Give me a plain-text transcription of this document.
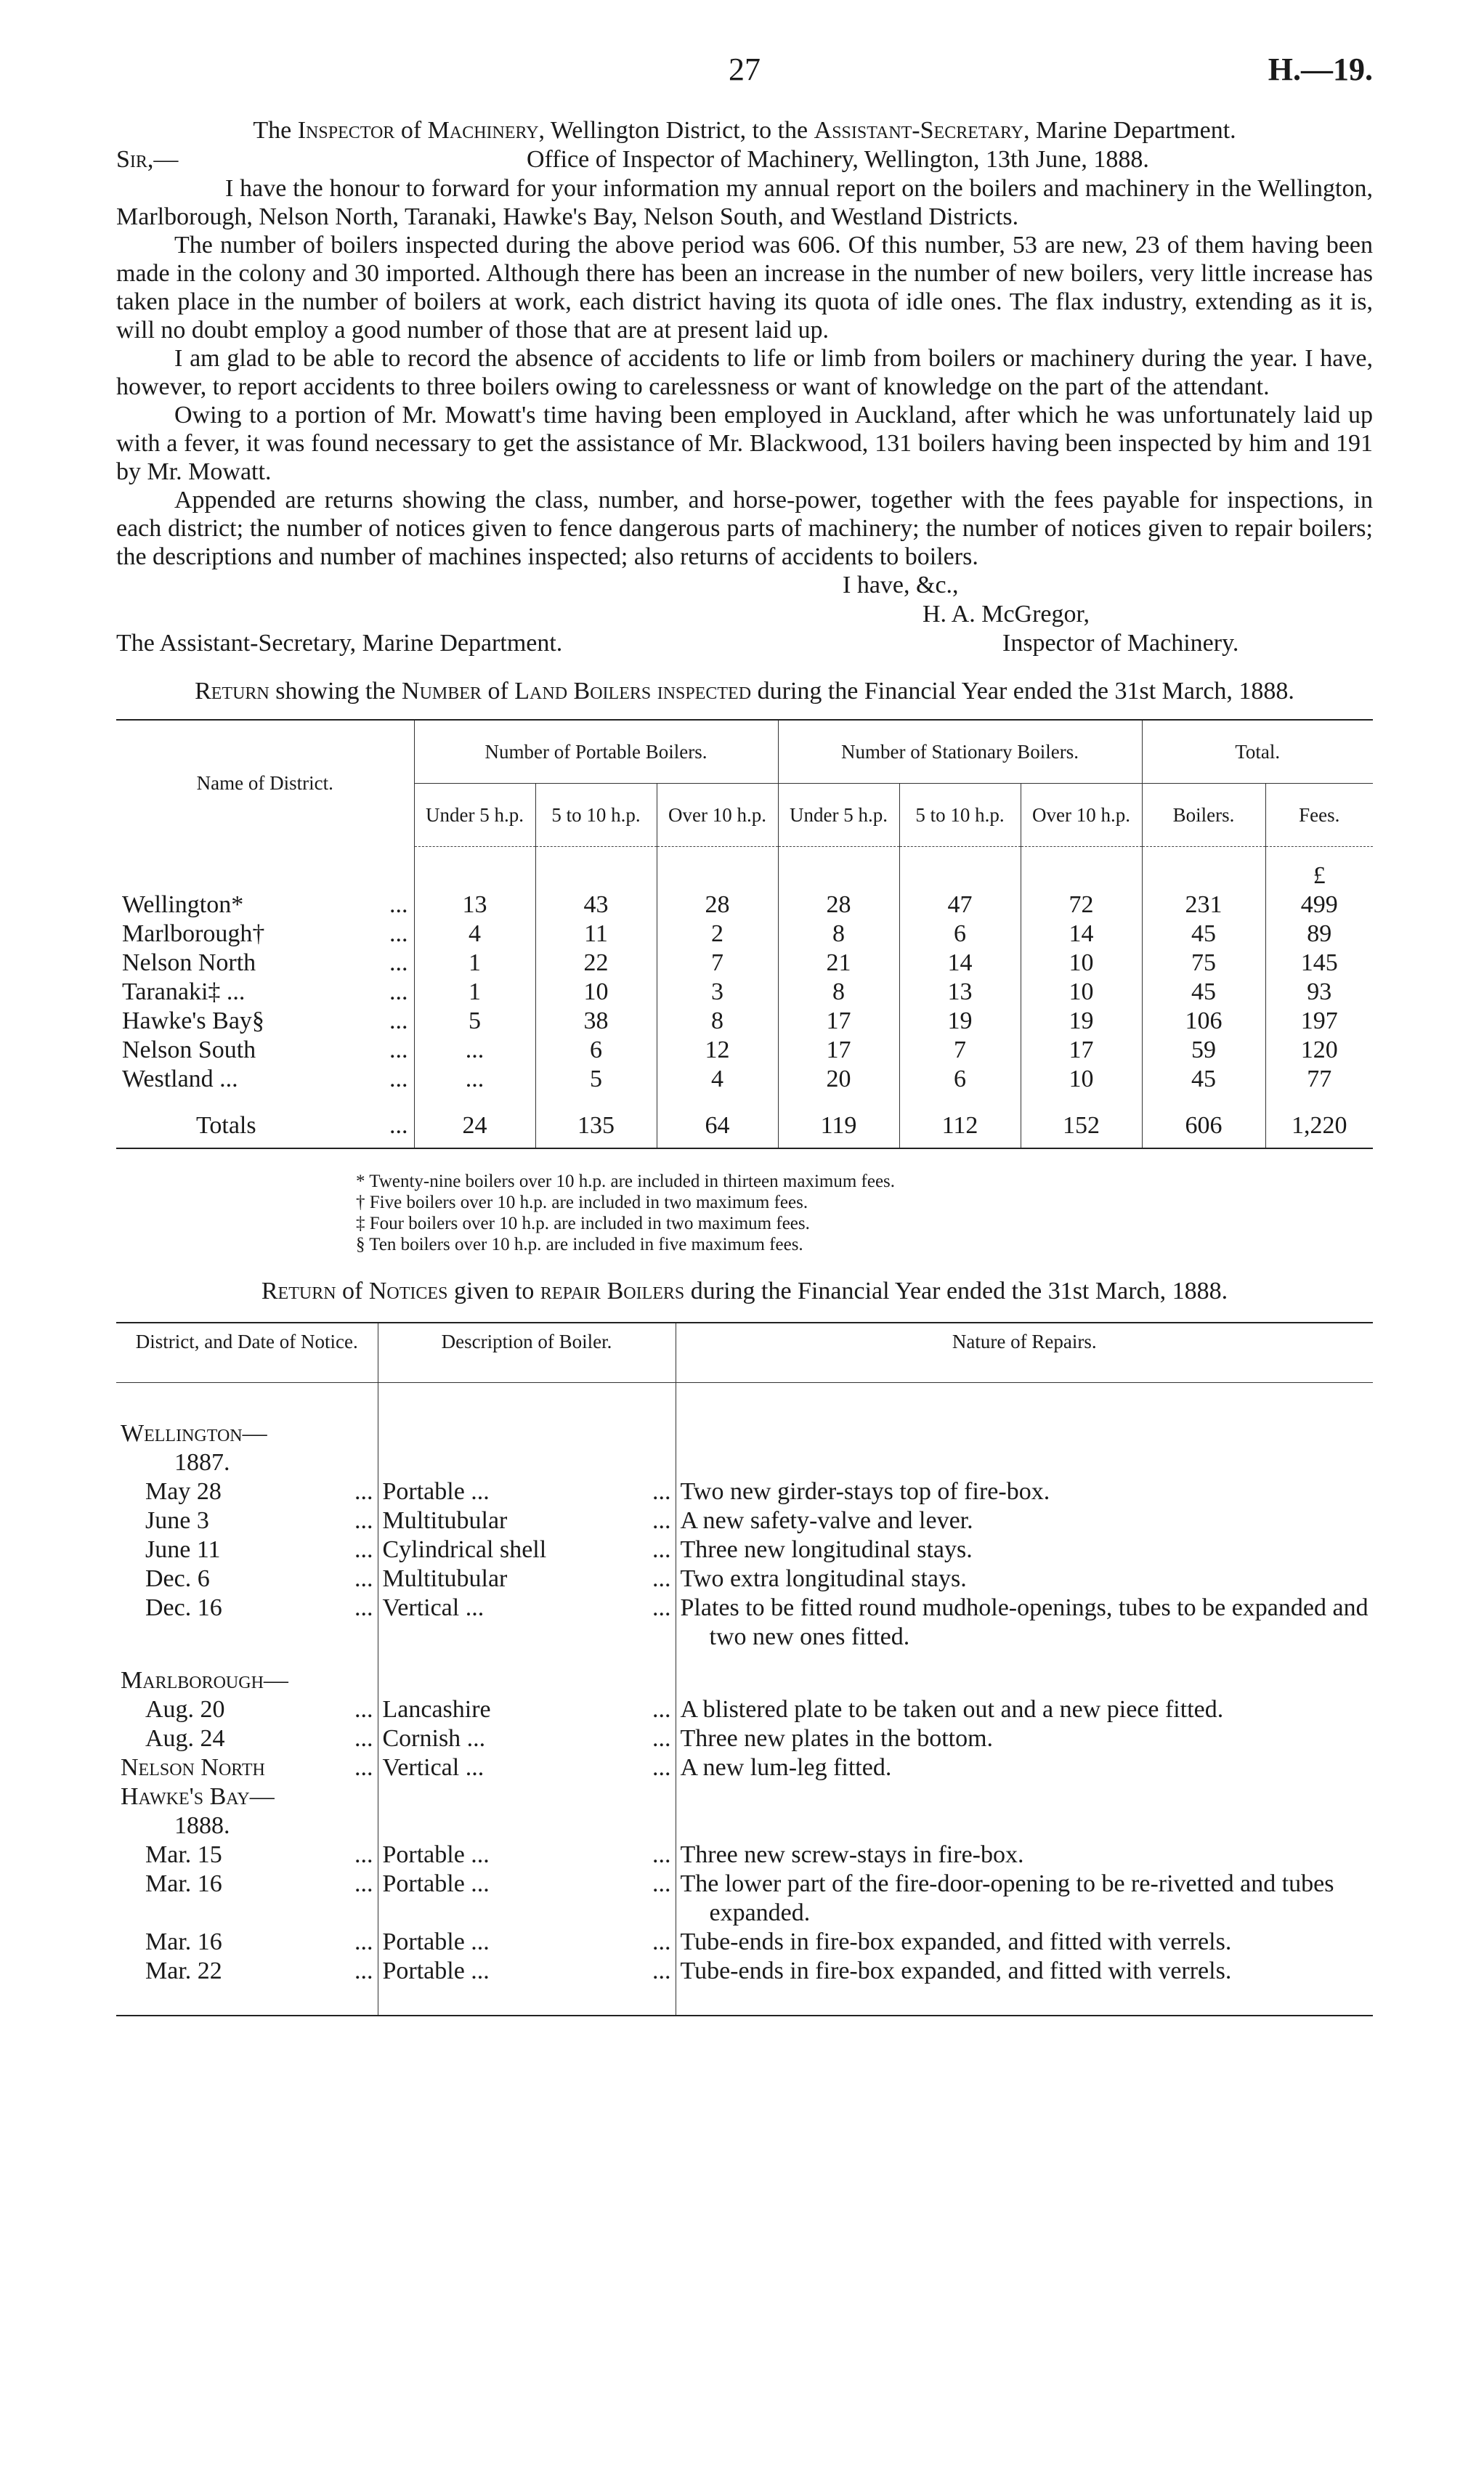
27	H.—19.
The Inspector of Machinery, Wellington District, to the Assistant-Secretary, Marine Department.
Sir,—	Office of Inspector of Machinery, Wellington, 13th June, 1888.

I have the honour to forward for your information my annual report on the boilers and machinery in the Wellington, Marlborough, Nelson North, Taranaki, Hawke's Bay, Nelson South, and Westland Districts.

The number of boilers inspected during the above period was 606. Of this number, 53 are new, 23 of them having been made in the colony and 30 imported. Although there has been an increase in the number of new boilers, very little increase has taken place in the number of boilers at work, each district having its quota of idle ones. The flax industry, extending as it is, will no doubt employ a good number of those that are at present laid up.

I am glad to be able to record the absence of accidents to life or limb from boilers or machinery during the year. I have, however, to report accidents to three boilers owing to carelessness or want of knowledge on the part of the attendant.

Owing to a portion of Mr. Mowatt's time having been employed in Auckland, after which he was unfortunately laid up with a fever, it was found necessary to get the assistance of Mr. Blackwood, 131 boilers having been inspected by him and 191 by Mr. Mowatt.

Appended are returns showing the class, number, and horse-power, together with the fees payable for inspections, in each district; the number of notices given to fence dangerous parts of machinery; the number of notices given to repair boilers; the descriptions and number of machines inspected; also returns of accidents to boilers.

I have, &c.,
H. A. McGregor,
The Assistant-Secretary, Marine Department.	Inspector of Machinery.
Return showing the Number of Land Boilers inspected during the Financial Year ended the 31st March, 1888.
Name of District.	Number of Portable Boilers.			Number of Stationary Boilers.			Total.	
	Under 5 h.p.	5 to 10 h.p.	Over 10 h.p.	Under 5 h.p.	5 to 10 h.p.	Over 10 h.p.	Boilers.	Fees.
								£
Wellington* ...	13	43	28	28	47	72	231	499
Marlborough† ...	4	11	2	8	6	14	45	89
Nelson North ...	1	22	7	21	14	10	75	145
Taranaki‡ ... ...	1	10	3	8	13	10	45	93
Hawke's Bay§ ...	5	38	8	17	19	19	106	197
Nelson South ...	...	6	12	17	7	17	59	120
Westland ... ...	...	5	4	20	6	10	45	77
Totals ...	24	135	64	119	112	152	606	1,220
* Twenty-nine boilers over 10 h.p. are included in thirteen maximum fees.
† Five boilers over 10 h.p. are included in two maximum fees.
‡ Four boilers over 10 h.p. are included in two maximum fees.
§ Ten boilers over 10 h.p. are included in five maximum fees.
Return of Notices given to repair Boilers during the Financial Year ended the 31st March, 1888.
District, and Date of Notice.	Description of Boiler.	Nature of Repairs.
Wellington—		
1887.		
May 28 ...	Portable ... ...	Two new girder-stays top of fire-box.
June 3 ...	Multitubular ...	A new safety-valve and lever.
June 11 ...	Cylindrical shell ...	Three new longitudinal stays.
Dec. 6 ...	Multitubular ...	Two extra longitudinal stays.
Dec. 16 ...	Vertical ... ...	Plates to be fitted round mudhole-openings, tubes to be expanded and two new ones fitted.

Marlborough—		
Aug. 20 ...	Lancashire ...	A blistered plate to be taken out and a new piece fitted.
Aug. 24 ...	Cornish ... ...	Three new plates in the bottom.
Nelson North ...	Vertical ... ...	A new lum-leg fitted.
Hawke's Bay—		
1888.		
Mar. 15 ...	Portable ... ...	Three new screw-stays in fire-box.
Mar. 16 ...	Portable ... ...	The lower part of the fire-door-opening to be re-rivetted and tubes expanded.

Mar. 16 ...	Portable ... ...	Tube-ends in fire-box expanded, and fitted with verrels.
Mar. 22 ...	Portable ... ...	Tube-ends in fire-box expanded, and fitted with verrels.
